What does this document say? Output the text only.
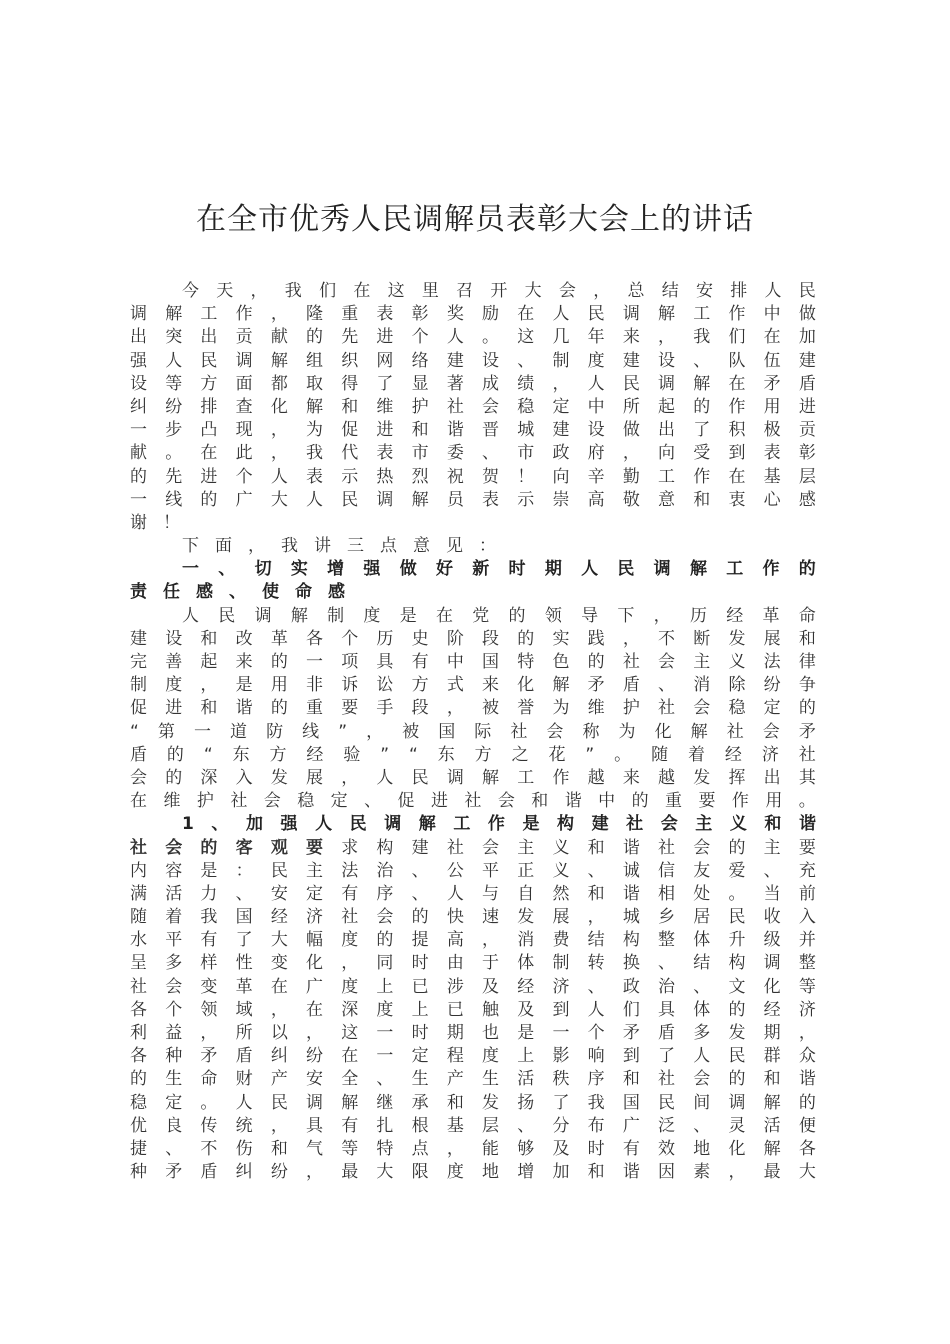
在全市优秀人民调解员表彰大会上的讲话
今 天 ， 我 们 在 这 里 召 开 大 会 ， 总 结 安 排 人 民
调 解 工 作 ， 隆 重 表 彰 奖 励 在 人 民 调 解 工 作 中 做
出 突 出 贡 献 的 先 进 个 人 。 这 几 年 来 ， 我 们 在 加
强 人 民 调 解 组 织 网 络 建 设 、 制 度 建 设 、 队 伍 建
设 等 方 面 都 取 得 了 显 著 成 绩 ， 人 民 调 解 在 矛 盾
纠 纷 排 查 化 解 和 维 护 社 会 稳 定 中 所 起 的 作 用 进
一 步 凸 现 ， 为 促 进 和 谐 晋 城 建 设 做 出 了 积 极 贡
献 。 在 此 ， 我 代 表 市 委 、 市 政 府 ， 向 受 到 表 彰
的 先 进 个 人 表 示 热 烈 祝 贺 ！ 向 辛 勤 工 作 在 基 层
一 线 的 广 大 人 民 调 解 员 表 示 崇 高 敬 意 和 衷 心 感
谢 ！
下 面 ， 我 讲 三 点 意 见 ：
一 、 切 实 增 强 做 好 新 时 期 人 民 调 解 工 作 的
责 任 感 、 使 命 感
人 民 调 解 制 度 是 在 党 的 领 导 下 ， 历 经 革 命
建 设 和 改 革 各 个 历 史 阶 段 的 实 践 ， 不 断 发 展 和
完 善 起 来 的 一 项 具 有 中 国 特 色 的 社 会 主 义 法 律
制 度 ， 是 用 非 诉 讼 方 式 来 化 解 矛 盾 、 消 除 纷 争
促 进 和 谐 的 重 要 手 段 ， 被 誉 为 维 护 社 会 稳 定 的
“ 第 一 道 防 线 ” ， 被 国 际 社 会 称 为 化 解 社 会 矛
盾 的 “ 东 方 经 验 ” “ 东 方 之 花 ” 。 随 着 经 济 社
会 的 深 入 发 展 ， 人 民 调 解 工 作 越 来 越 发 挥 出 其
在 维 护 社 会 稳 定 、 促 进 社 会 和 谐 中 的 重 要 作 用 。
1 、 加 强 人 民 调 解 工 作 是 构 建 社 会 主 义 和 谐
社 会 的 客 观 要 求 构 建 社 会 主 义 和 谐 社 会 的 主 要
内 容 是 ： 民 主 法 治 、 公 平 正 义 、 诚 信 友 爱 、 充
满 活 力 、 安 定 有 序 、 人 与 自 然 和 谐 相 处 。 当 前
随 着 我 国 经 济 社 会 的 快 速 发 展 ， 城 乡 居 民 收 入
水 平 有 了 大 幅 度 的 提 高 ， 消 费 结 构 整 体 升 级 并
呈 多 样 性 变 化 ， 同 时 由 于 体 制 转 换 、 结 构 调 整
社 会 变 革 在 广 度 上 已 涉 及 经 济 、 政 治 、 文 化 等
各 个 领 域 ， 在 深 度 上 已 触 及 到 人 们 具 体 的 经 济
利 益 ， 所 以 ， 这 一 时 期 也 是 一 个 矛 盾 多 发 期 ，
各 种 矛 盾 纠 纷 在 一 定 程 度 上 影 响 到 了 人 民 群 众
的 生 命 财 产 安 全 、 生 产 生 活 秩 序 和 社 会 的 和 谐
稳 定 。 人 民 调 解 继 承 和 发 扬 了 我 国 民 间 调 解 的
优 良 传 统 ， 具 有 扎 根 基 层 、 分 布 广 泛 、 灵 活 便
捷 、 不 伤 和 气 等 特 点 ， 能 够 及 时 有 效 地 化 解 各
种 矛 盾 纠 纷 ， 最 大 限 度 地 增 加 和 谐 因 素 ， 最 大
